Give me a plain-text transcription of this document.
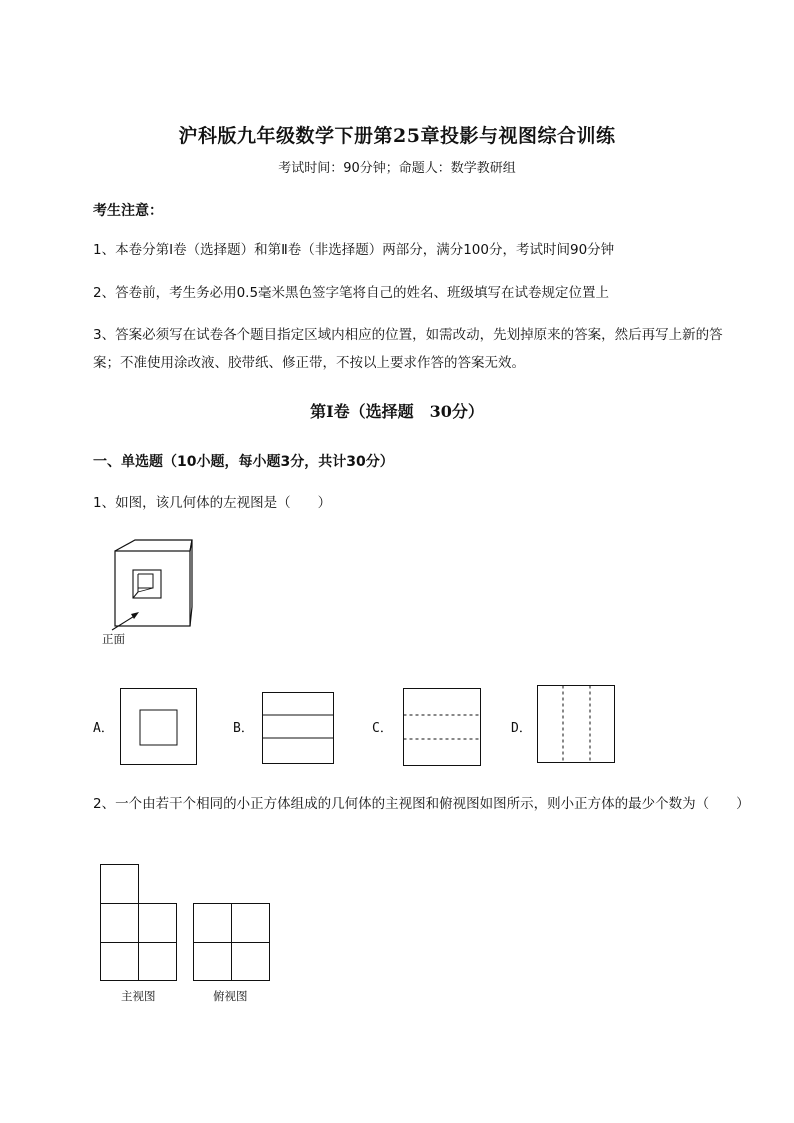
沪科版九年级数学下册第25章投影与视图综合训练
考试时间：90分钟；命题人：数学教研组
考生注意：
1、本卷分第I卷（选择题）和第Ⅱ卷（非选择题）两部分，满分100分，考试时间90分钟
2、答卷前，考生务必用0.5毫米黑色签字笔将自己的姓名、班级填写在试卷规定位置上
3、答案必须写在试卷各个题目指定区域内相应的位置，如需改动，先划掉原来的答案，然后再写上新的答案；不准使用涂改液、胶带纸、修正带，不按以上要求作答的答案无效。
第I卷（选择题　30分）
一、单选题（10小题，每小题3分，共计30分）
1、如图，该几何体的左视图是（　　）
正面
A．	B．	C．	D．
2、一个由若干个相同的小正方体组成的几何体的主视图和俯视图如图所示，则小正方体的最少个数为（　　）
主视图	俯视图
